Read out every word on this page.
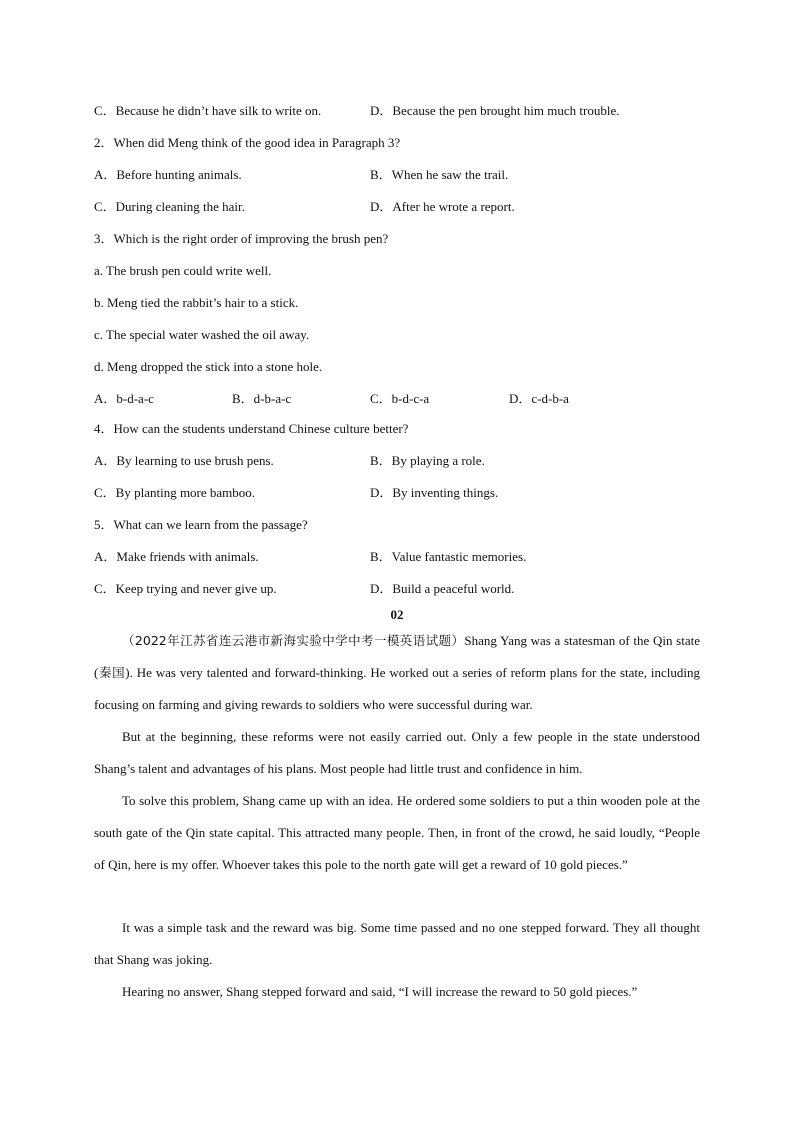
C．Because he didn’t have silk to write on.	D．Because the pen brought him much trouble.
2．When did Meng think of the good idea in Paragraph 3?
A．Before hunting animals.	B．When he saw the trail.
C．During cleaning the hair.	D．After he wrote a report.
3．Which is the right order of improving the brush pen?
a. The brush pen could write well.
b. Meng tied the rabbit’s hair to a stick.
c. The special water washed the oil away.
d. Meng dropped the stick into a stone hole.
A．b-d-a-c	B．d-b-a-c	C．b-d-c-a	D．c-d-b-a
4．How can the students understand Chinese culture better?
A．By learning to use brush pens.	B．By playing a role.
C．By planting more bamboo.	D．By inventing things.
5．What can we learn from the passage?
A．Make friends with animals.	B．Value fantastic memories.
C．Keep trying and never give up.	D．Build a peaceful world.
02
（2022年江苏省连云港市新海实验中学中考一模英语试题）Shang Yang was a statesman of the Qin state (秦国). He was very talented and forward-thinking. He worked out a series of reform plans for the state, including focusing on farming and giving rewards to soldiers who were successful during war.
But at the beginning, these reforms were not easily carried out. Only a few people in the state understood Shang’s talent and advantages of his plans. Most people had little trust and confidence in him.
To solve this problem, Shang came up with an idea. He ordered some soldiers to put a thin wooden pole at the south gate of the Qin state capital. This attracted many people. Then, in front of the crowd, he said loudly, “People of Qin, here is my offer. Whoever takes this pole to the north gate will get a reward of 10 gold pieces.”
It was a simple task and the reward was big. Some time passed and no one stepped forward. They all thought that Shang was joking.
Hearing no answer, Shang stepped forward and said, “I will increase the reward to 50 gold pieces.”
